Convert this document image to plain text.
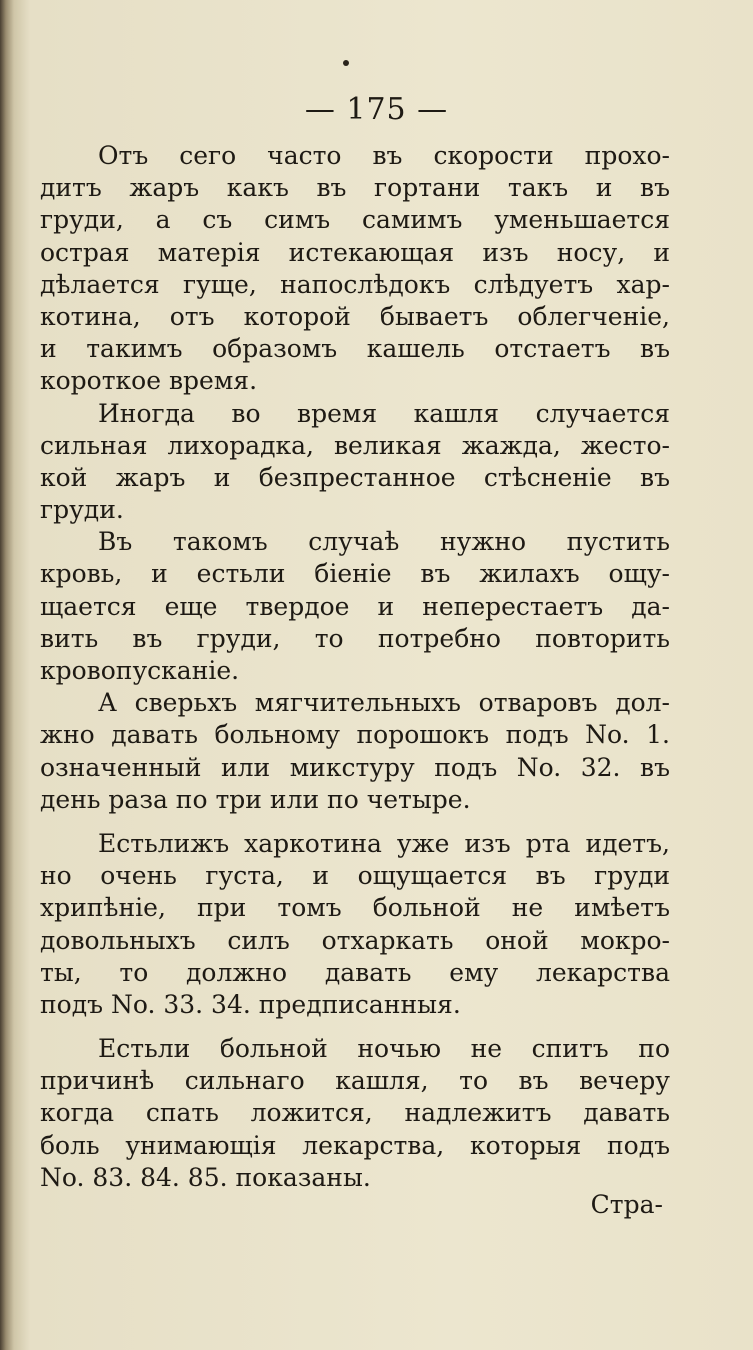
— 175 —
Отъ сего часто въ скорости прохо-
дитъ жаръ какъ въ гортани такъ и въ
груди, а съ симъ самимъ уменьшается
острая матерія истекающая изъ носу, и
дѣлается гуще, напослѣдокъ слѣдуетъ хар-
котина, отъ которой бываетъ облегченіе,
и такимъ образомъ кашель отстаетъ въ
короткое время.
Иногда во время кашля случается
сильная лихорадка, великая жажда, жесто-
кой жаръ и безпрестанное стѣсненіе въ
груди.
Въ такомъ случаѣ нужно пустить
кровь, и естьли біеніе въ жилахъ ощу-
щается еще твердое и неперестаетъ да-
вить въ груди, то потребно повторить
кровопусканіе.
А сверьхъ мягчительныхъ отваровъ дол-
жно давать больному порошокъ подъ No. 1.
означенный или микстуру подъ No. 32. въ
день раза по три или по четыре.
Естьлижъ харкотина уже изъ рта идетъ,
но очень густа, и ощущается въ груди
хрипѣніе, при томъ больной не имѣетъ
довольныхъ силъ отхаркать оной мокро-
ты, то должно давать ему лекарства
подъ No. 33. 34. предписанныя.
Естьли больной ночью не спитъ по
причинѣ сильнаго кашля, то въ вечеру
когда спать ложится, надлежитъ давать
боль унимающія лекарства, которыя подъ
No. 83. 84. 85. показаны.
Стра-
